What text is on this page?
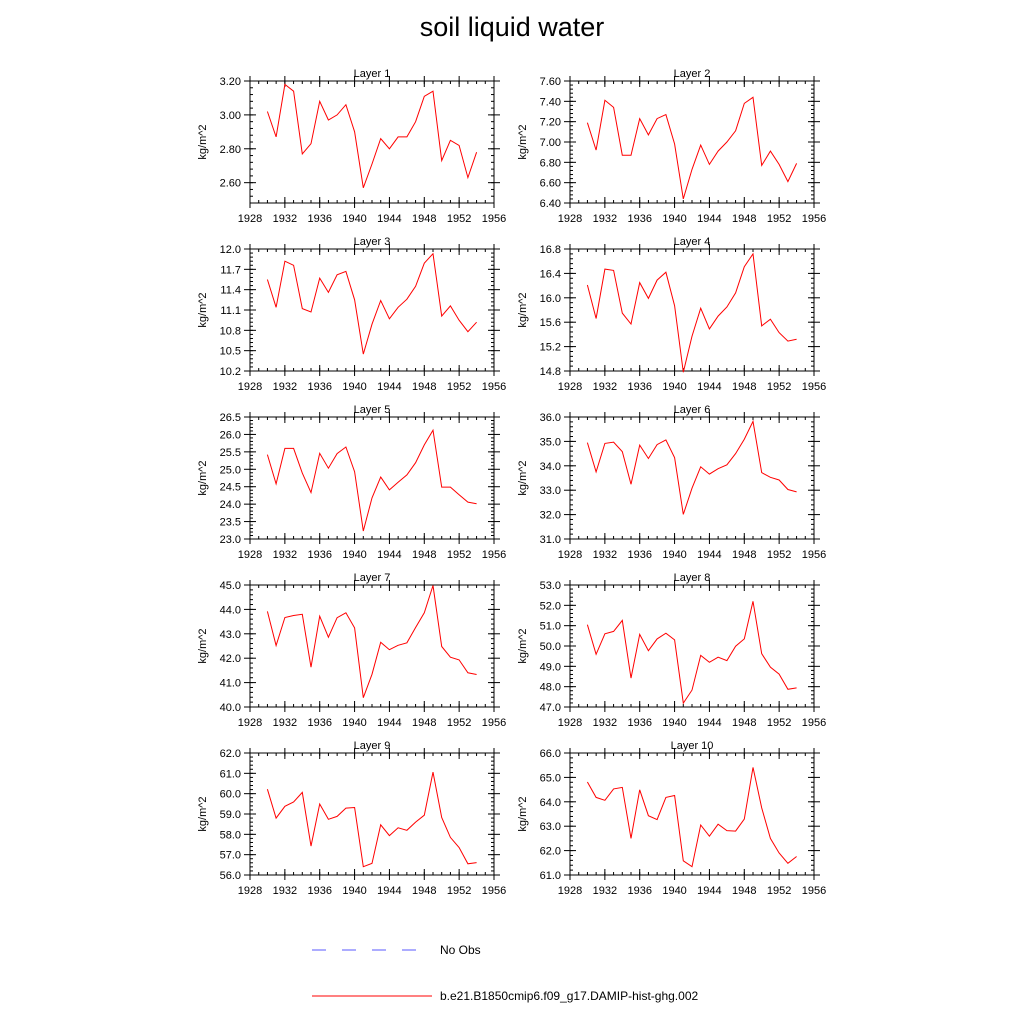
soil liquid water
Layer 1
kg/m^2
2.60
2.80
3.00
3.20
1928 1932 1936 1940 1944 1948 1952 1956
Layer 2
kg/m^2
6.40
6.60
6.80
7.00
7.20
7.40
7.60
1928 1932 1936 1940 1944 1948 1952 1956
Layer 3
kg/m^2
10.2
10.5
10.8
11.1
11.4
11.7
12.0
1928 1932 1936 1940 1944 1948 1952 1956
Layer 4
kg/m^2
14.8
15.2
15.6
16.0
16.4
16.8
1928 1932 1936 1940 1944 1948 1952 1956
Layer 5
kg/m^2
23.0
23.5
24.0
24.5
25.0
25.5
26.0
26.5
1928 1932 1936 1940 1944 1948 1952 1956
Layer 6
kg/m^2
31.0
32.0
33.0
34.0
35.0
36.0
1928 1932 1936 1940 1944 1948 1952 1956
Layer 7
kg/m^2
40.0
41.0
42.0
43.0
44.0
45.0
1928 1932 1936 1940 1944 1948 1952 1956
Layer 8
kg/m^2
47.0
48.0
49.0
50.0
51.0
52.0
53.0
1928 1932 1936 1940 1944 1948 1952 1956
Layer 9
kg/m^2
56.0
57.0
58.0
59.0
60.0
61.0
62.0
1928 1932 1936 1940 1944 1948 1952 1956
Layer 10
kg/m^2
61.0
62.0
63.0
64.0
65.0
66.0
1928 1932 1936 1940 1944 1948 1952 1956
No Obs
b.e21.B1850cmip6.f09_g17.DAMIP-hist-ghg.002
